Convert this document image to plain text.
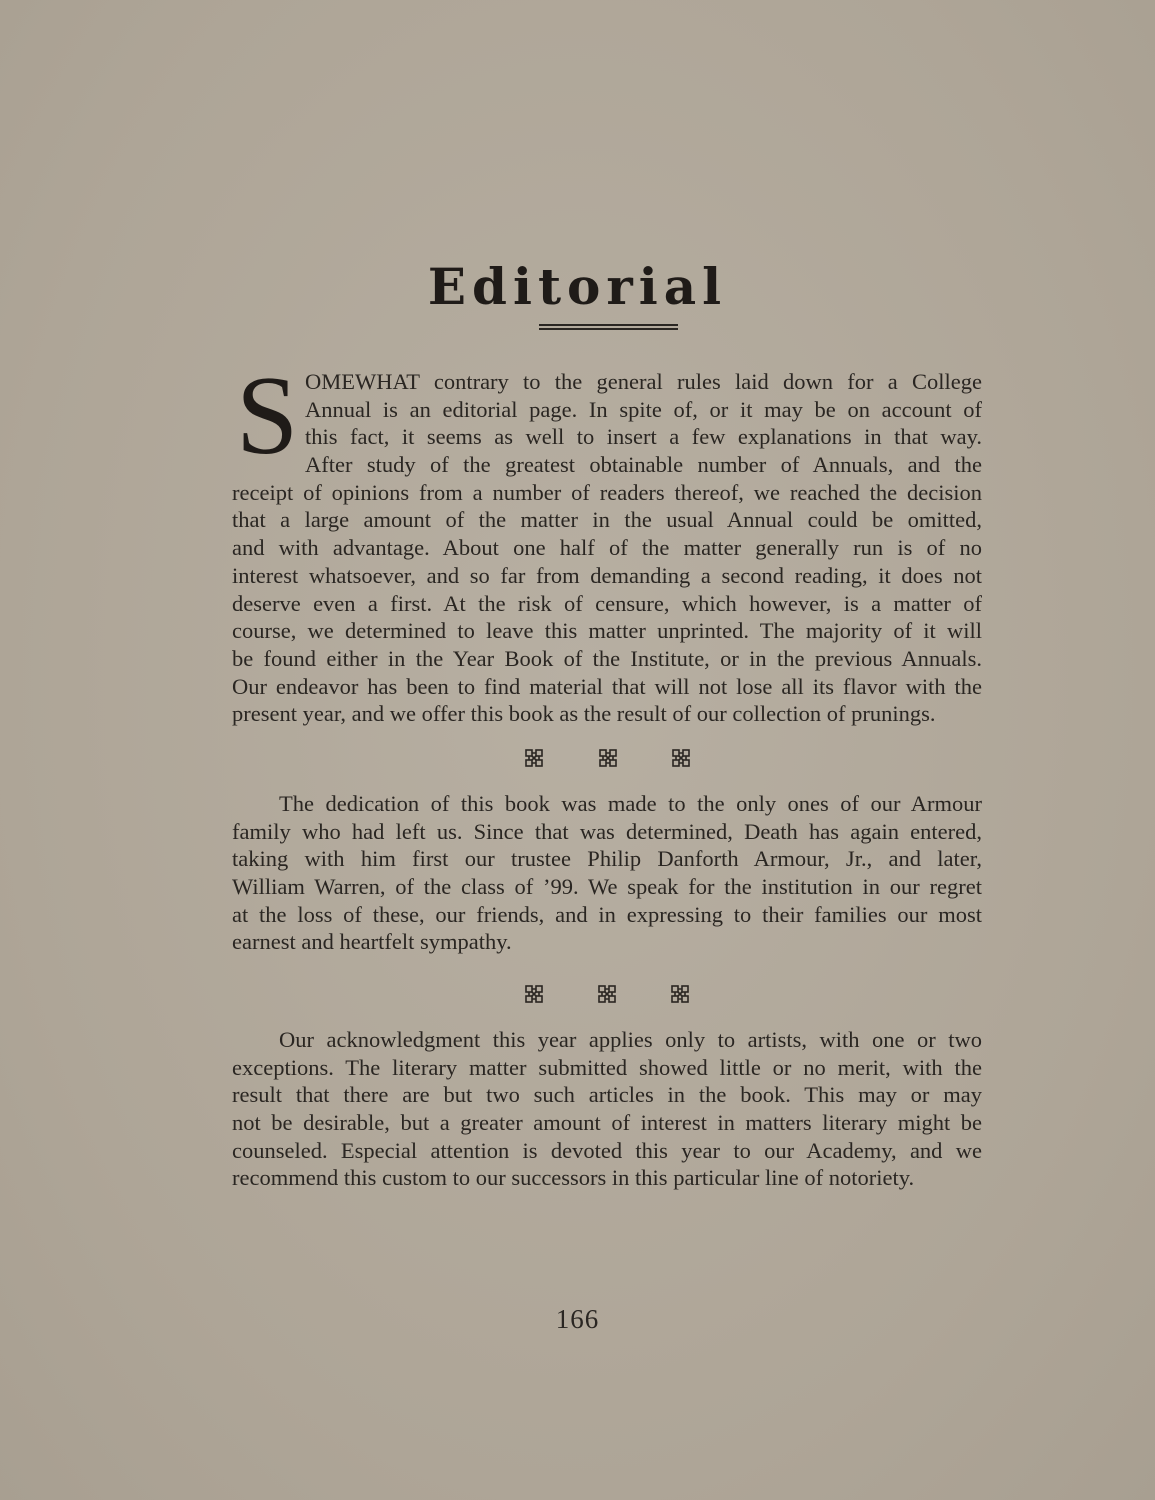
Editorial
S OMEWHAT contrary to the general rules laid down for a College
Annual is an editorial page. In spite of, or it may be on account of
this fact, it seems as well to insert a few explanations in that way.
After study of the greatest obtainable number of Annuals, and the
receipt of opinions from a number of readers thereof, we reached the decision
that a large amount of the matter in the usual Annual could be omitted,
and with advantage. About one half of the matter generally run is of no
interest whatsoever, and so far from demanding a second reading, it does not
deserve even a first. At the risk of censure, which however, is a matter of
course, we determined to leave this matter unprinted. The majority of it will
be found either in the Year Book of the Institute, or in the previous Annuals.
Our endeavor has been to find material that will not lose all its flavor with the
present year, and we offer this book as the result of our collection of prunings.
The dedication of this book was made to the only ones of our Armour
family who had left us. Since that was determined, Death has again entered,
taking with him first our trustee Philip Danforth Armour, Jr., and later,
William Warren, of the class of ’99. We speak for the institution in our regret
at the loss of these, our friends, and in expressing to their families our most
earnest and heartfelt sympathy.
Our acknowledgment this year applies only to artists, with one or two
exceptions. The literary matter submitted showed little or no merit, with the
result that there are but two such articles in the book. This may or may
not be desirable, but a greater amount of interest in matters literary might be
counseled. Especial attention is devoted this year to our Academy, and we
recommend this custom to our successors in this particular line of notoriety.
166
